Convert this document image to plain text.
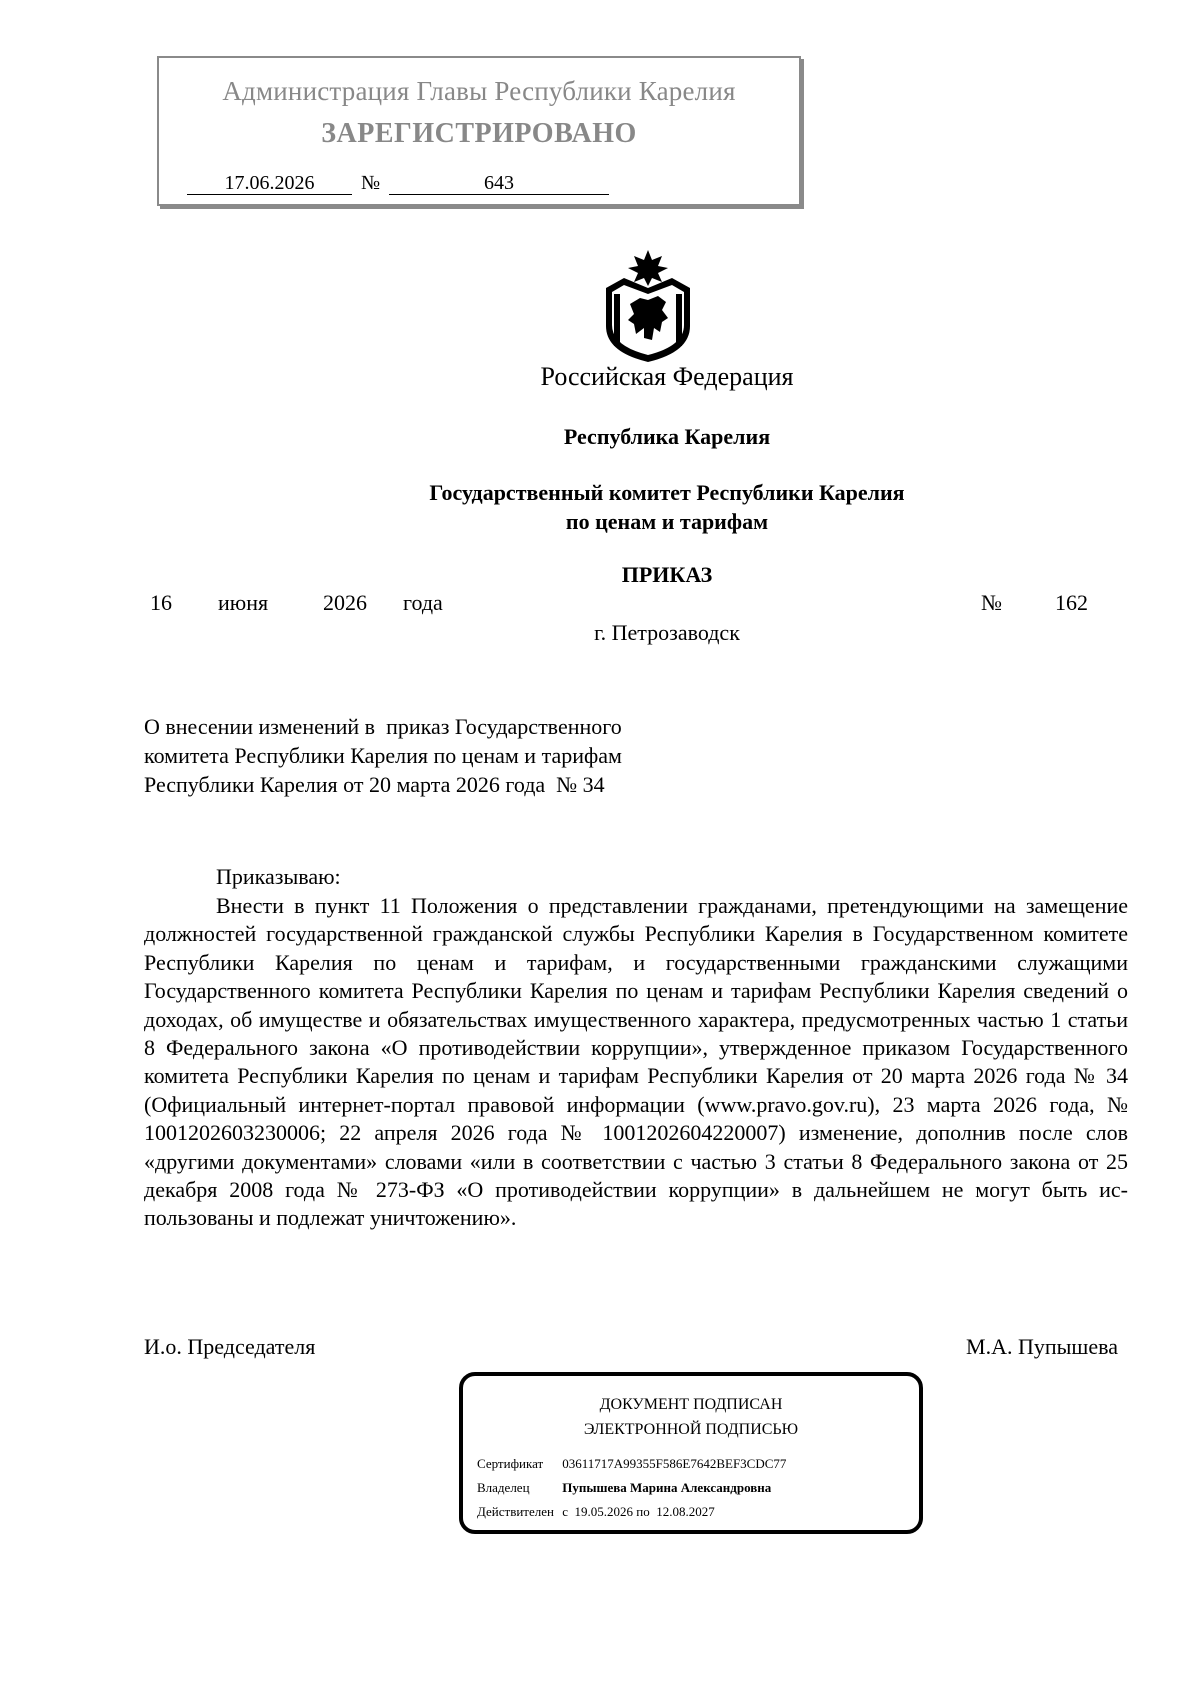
Администрация Главы Республики Карелия
ЗАРЕГИСТРИРОВАНО
17.06.2026	№	643
Российская Федерация
Республика Карелия
Государственный комитет Республики Карелия
по ценам и тарифам
ПРИКАЗ
16 июня 2026 года	№ 162
г. Петрозаводск
О внесении изменений в  приказ Государственного
комитета Республики Карелия по ценам и тарифам
Республики Карелия от 20 марта 2026 года  № 34
Приказываю:
Внести в пункт 11 Положения о представлении гражданами, претендующими на замещение должностей государственной гражданской службы Республики Карелия в Государственном комитете Республики Карелия по ценам и тарифам, и государственными гражданскими служащими Государственного комитета Республики Карелия по ценам и тарифам Республики Карелия сведений о доходах, об имуществе и обязательствах имущественного характера, предусмотренных частью 1 статьи 8 Федерального закона «О противодействии коррупции», утвержденное приказом Государственного комитета Республики Карелия по ценам и тарифам Республики Карелия от 20 марта 2026 года № 34 (Официальный интернет-портал правовой информации (www.pravo.gov.ru), 23 марта 2026 года, № 1001202603230006; 22 апреля 2026 года № 1001202604220007) изменение, дополнив после слов «другими документами» словами «или в соответствии с частью 3 статьи 8 Федерального закона от 25 декабря 2008 года № 273-ФЗ «О противодействии коррупции» в дальнейшем не могут быть использованы и подлежат уничтожению».
И.о. Председателя	М.А. Пупышева
ДОКУМЕНТ ПОДПИСАН
ЭЛЕКТРОННОЙ ПОДПИСЬЮ
Сертификат 03611717A99355F586E7642BEF3CDC77
Владелец	Пупышева Марина Александровна
Действителен с  19.05.2026 по  12.08.2027
